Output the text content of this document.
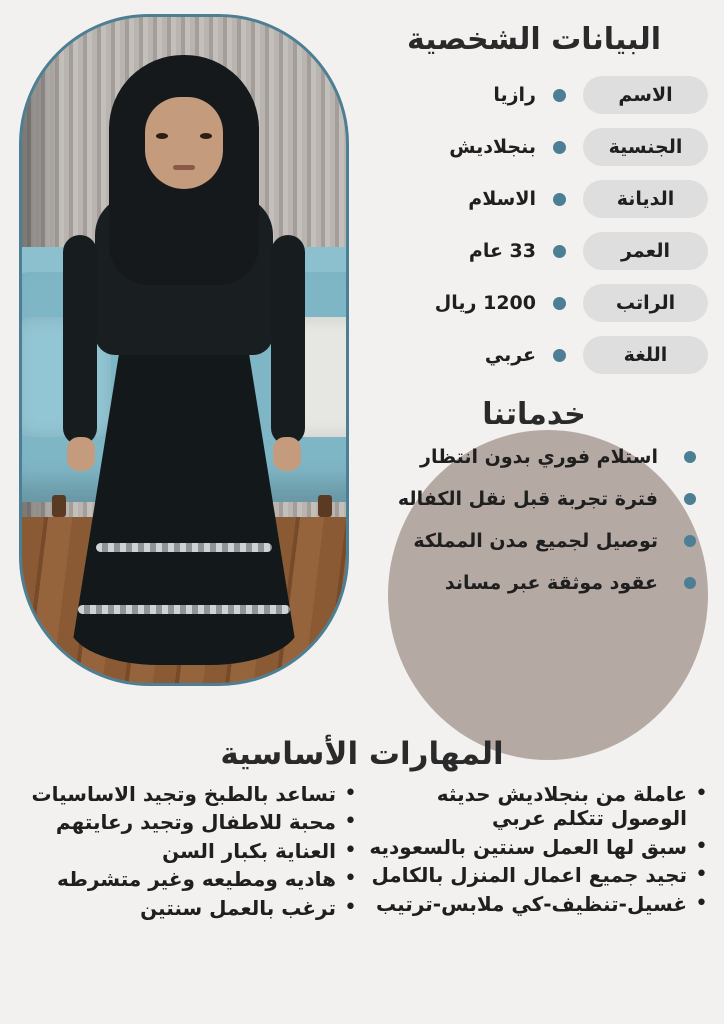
البيانات الشخصية
الاسم
رازيا
الجنسية
بنجلاديش
الديانة
الاسلام
العمر
33 عام
الراتب
1200 ريال
اللغة
عربي
خدماتنا
استلام فوري بدون انتظار
فترة تجربة قبل نقل الكفاله
توصيل لجميع مدن المملكة
عقود موثقة عبر مساند
المهارات الأساسية
•
عاملة من بنجلاديش حديثه الوصول تتكلم عربي
•
سبق لها العمل سنتين بالسعوديه
•
تجيد جميع اعمال المنزل بالكامل
•
غسيل-تنظيف-كي ملابس-ترتيب
•
تساعد بالطبخ وتجيد الاساسيات
•
محبة للاطفال وتجيد رعايتهم
•
العناية بكبار السن
•
هاديه ومطيعه وغير متشرطه
•
ترغب بالعمل سنتين
